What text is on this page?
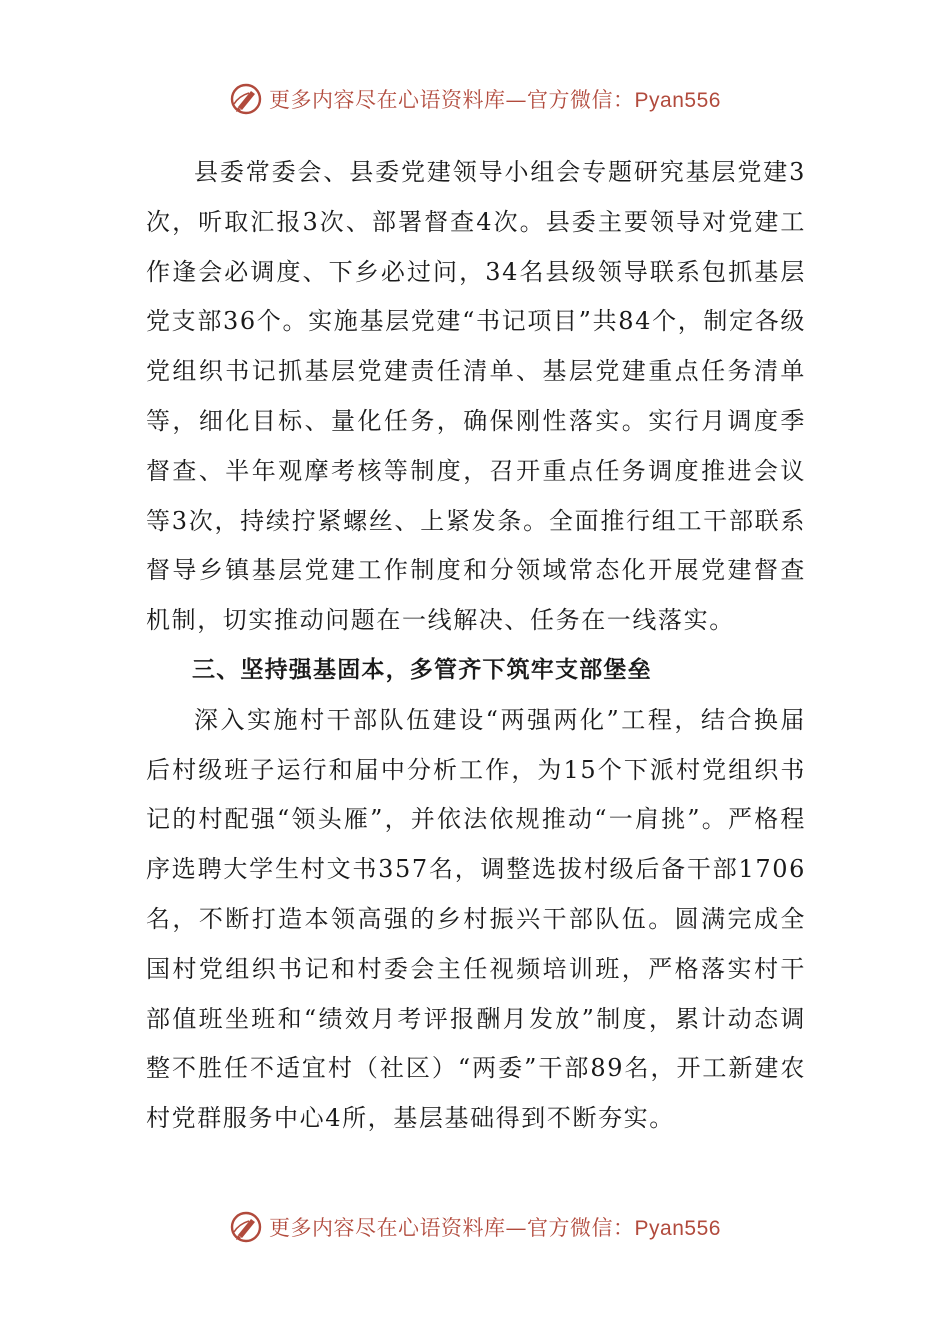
更多内容尽在心语资料库—官方微信：Pyan556

县委常委会、县委党建领导小组会专题研究基层党建3次，听取汇报3次、部署督查4次。县委主要领导对党建工作逢会必调度、下乡必过问，34名县级领导联系包抓基层党支部36个。实施基层党建“书记项目”共84个，制定各级党组织书记抓基层党建责任清单、基层党建重点任务清单等，细化目标、量化任务，确保刚性落实。实行月调度季督查、半年观摩考核等制度，召开重点任务调度推进会议等3次，持续拧紧螺丝、上紧发条。全面推行组工干部联系督导乡镇基层党建工作制度和分领域常态化开展党建督查机制，切实推动问题在一线解决、任务在一线落实。

三、坚持强基固本，多管齐下筑牢支部堡垒

深入实施村干部队伍建设“两强两化”工程，结合换届后村级班子运行和届中分析工作，为15个下派村党组织书记的村配强“领头雁”，并依法依规推动“一肩挑”。严格程序选聘大学生村文书357名，调整选拔村级后备干部1706名，不断打造本领高强的乡村振兴干部队伍。圆满完成全国村党组织书记和村委会主任视频培训班，严格落实村干部值班坐班和“绩效月考评报酬月发放”制度，累计动态调整不胜任不适宜村（社区）“两委”干部89名，开工新建农村党群服务中心4所，基层基础得到不断夯实。

更多内容尽在心语资料库—官方微信：Pyan556
